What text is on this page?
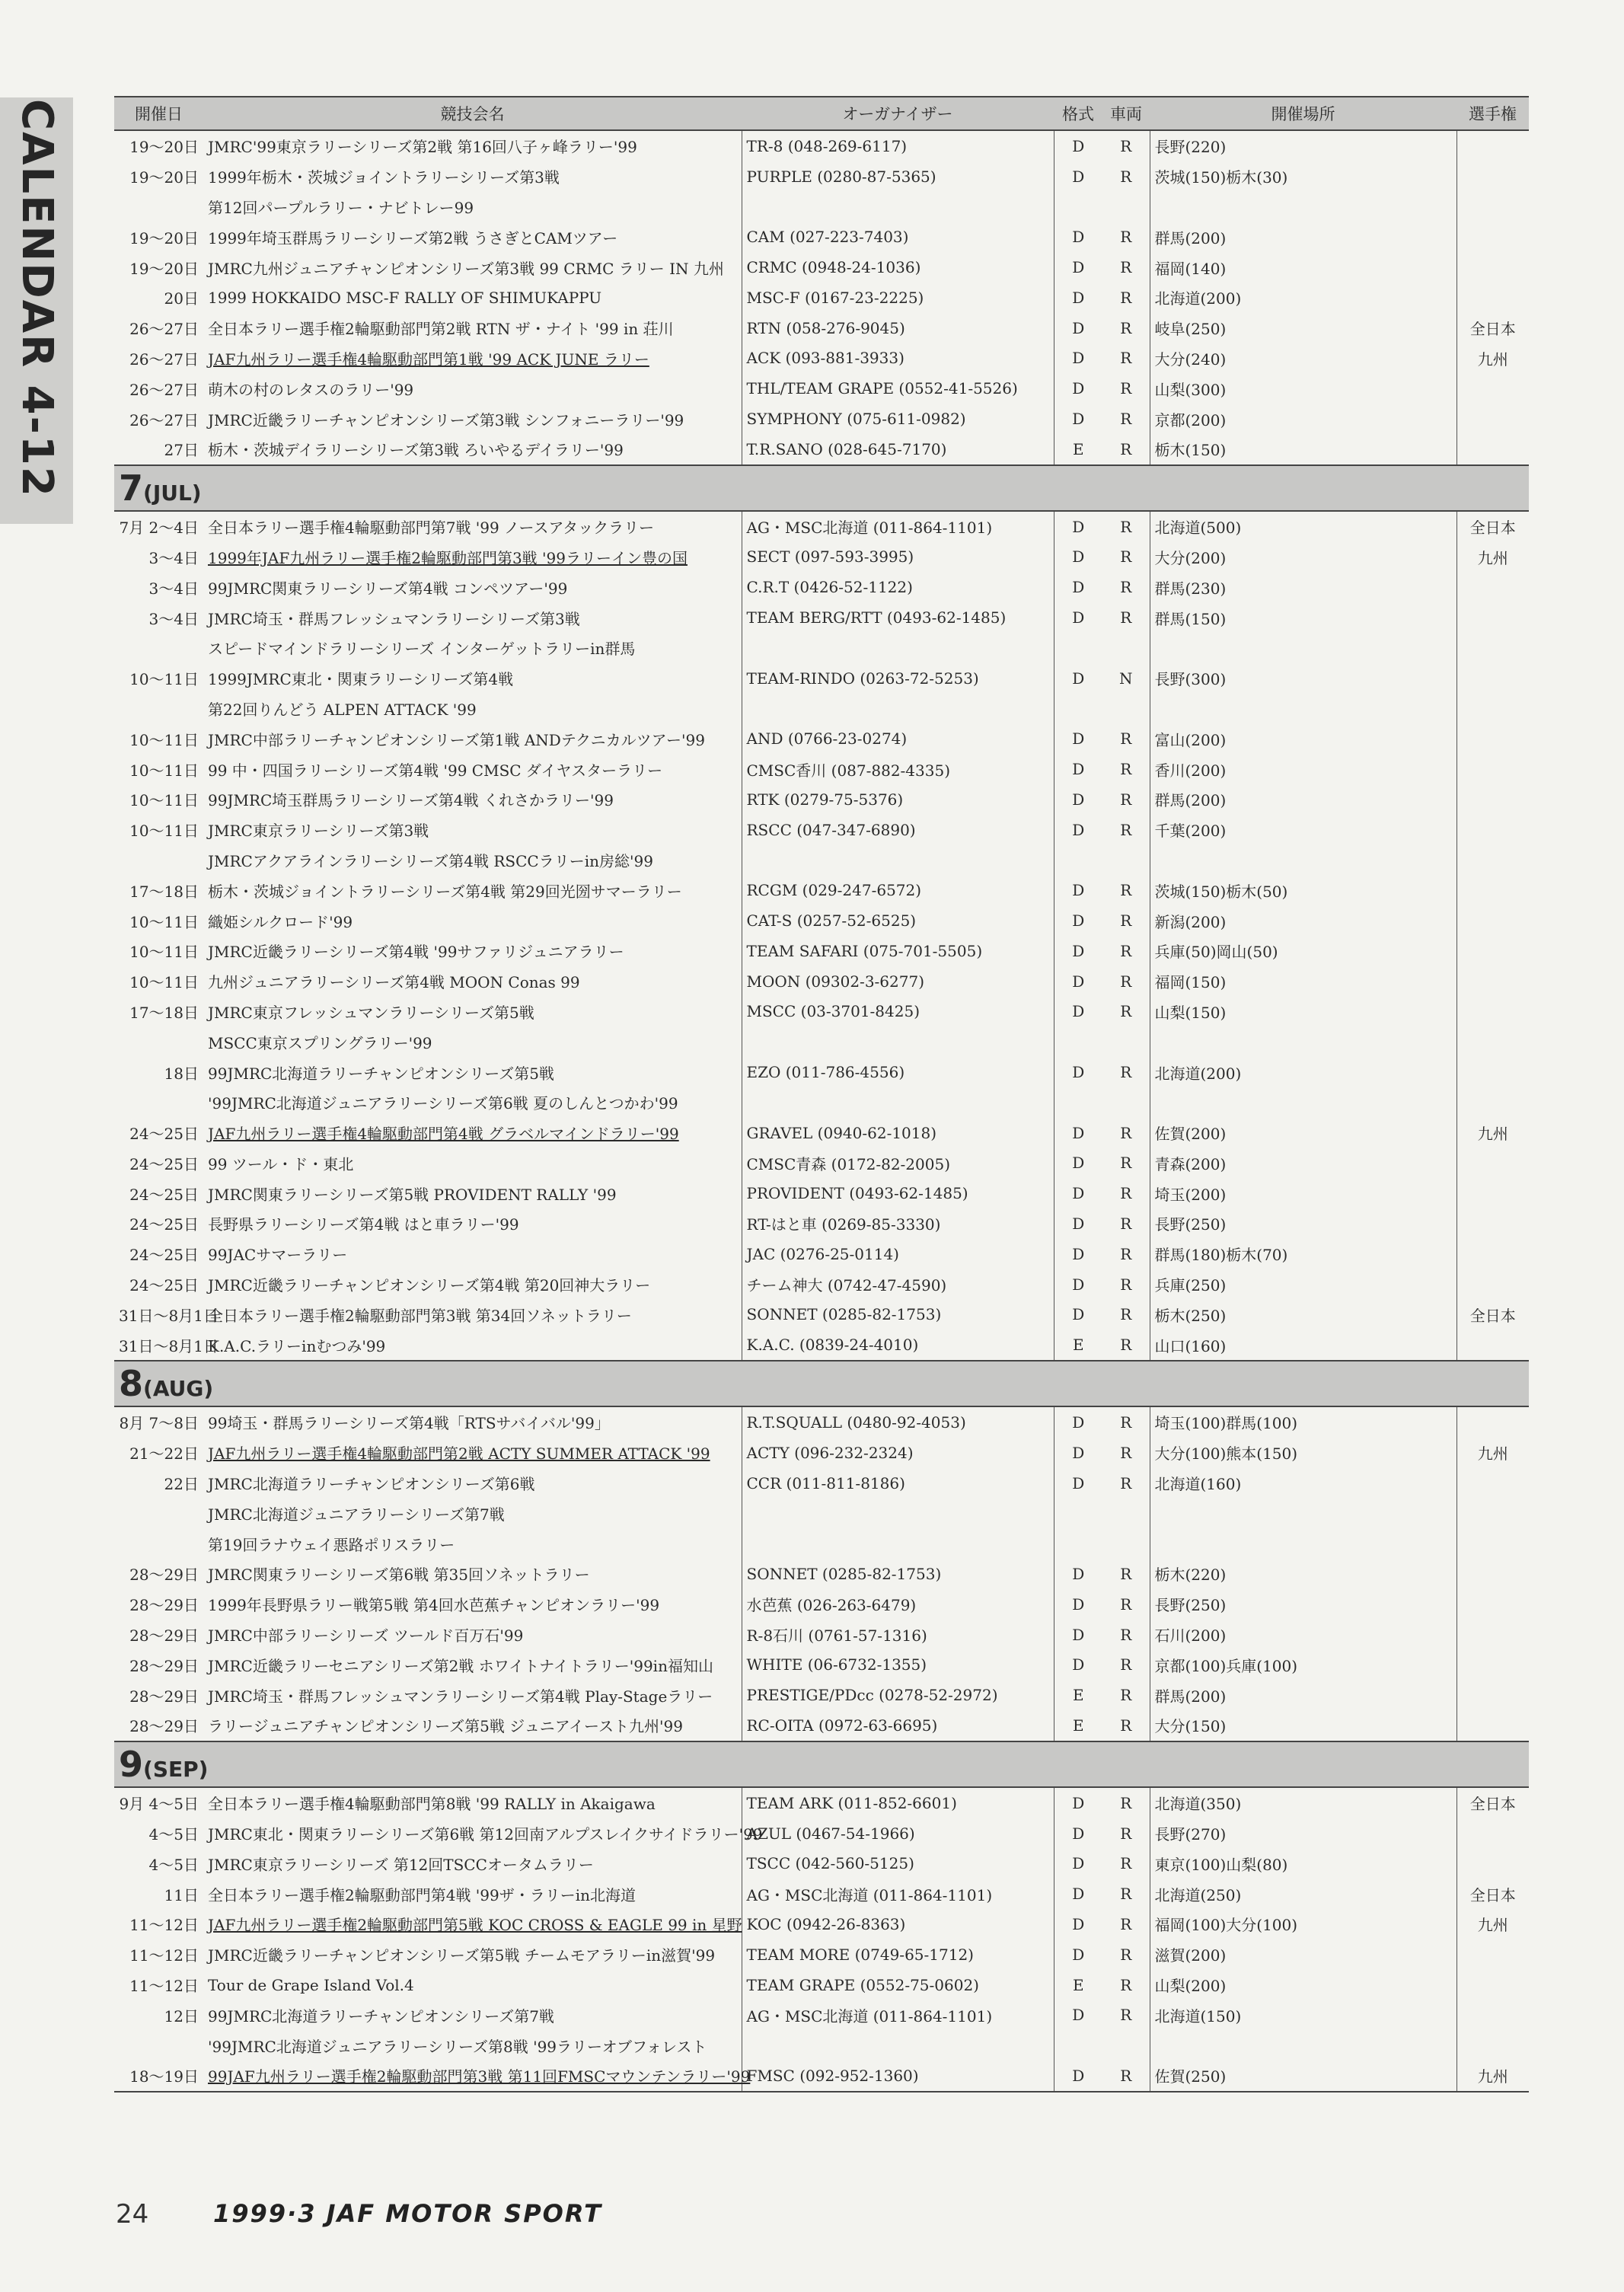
CALENDAR 4-12	開催日	競技会名	オーガナイザー	格式	車両	開催場所	選手権
19～20日	JMRC'99東京ラリーシリーズ第2戦 第16回八子ヶ峰ラリー'99	TR-8 (048-269-6117)	D	R	長野(220)	
19～20日	1999年栃木・茨城ジョイントラリーシリーズ第3戦	PURPLE (0280-87-5365)	D	R	茨城(150)栃木(30)	
	第12回パープルラリー・ナビトレー99					
19～20日	1999年埼玉群馬ラリーシリーズ第2戦 うさぎとCAMツアー	CAM (027-223-7403)	D	R	群馬(200)	
19～20日	JMRC九州ジュニアチャンピオンシリーズ第3戦 99 CRMC ラリー IN 九州	CRMC (0948-24-1036)	D	R	福岡(140)	
20日	1999 HOKKAIDO MSC-F RALLY OF SHIMUKAPPU	MSC-F (0167-23-2225)	D	R	北海道(200)	
26～27日	全日本ラリー選手権2輪駆動部門第2戦 RTN ザ・ナイト '99 in 荘川	RTN (058-276-9045)	D	R	岐阜(250)	全日本
26～27日	JAF九州ラリー選手権4輪駆動部門第1戦 '99 ACK JUNE ラリー	ACK (093-881-3933)	D	R	大分(240)	九州
26～27日	萌木の村のレタスのラリー'99	THL/TEAM GRAPE (0552-41-5526)	D	R	山梨(300)	
26～27日	JMRC近畿ラリーチャンピオンシリーズ第3戦 シンフォニーラリー'99	SYMPHONY (075-611-0982)	D	R	京都(200)	
27日	栃木・茨城デイラリーシリーズ第3戦 ろいやるデイラリー'99	T.R.SANO (028-645-7170)	E	R	栃木(150)	
7(JUL)						
7月 2～4日	全日本ラリー選手権4輪駆動部門第7戦 '99 ノースアタックラリー	AG・MSC北海道 (011-864-1101)	D	R	北海道(500)	全日本
3～4日	1999年JAF九州ラリー選手権2輪駆動部門第3戦 '99ラリーイン豊の国	SECT (097-593-3995)	D	R	大分(200)	九州
3～4日	99JMRC関東ラリーシリーズ第4戦 コンペツアー'99	C.R.T (0426-52-1122)	D	R	群馬(230)	
3～4日	JMRC埼玉・群馬フレッシュマンラリーシリーズ第3戦	TEAM BERG/RTT (0493-62-1485)	D	R	群馬(150)	
	スピードマインドラリーシリーズ インターゲットラリーin群馬					
10～11日	1999JMRC東北・関東ラリーシリーズ第4戦	TEAM-RINDO (0263-72-5253)	D	N	長野(300)	
	第22回りんどう ALPEN ATTACK '99					
10～11日	JMRC中部ラリーチャンピオンシリーズ第1戦 ANDテクニカルツアー'99	AND (0766-23-0274)	D	R	富山(200)	
10～11日	99 中・四国ラリーシリーズ第4戦 '99 CMSC ダイヤスターラリー	CMSC香川 (087-882-4335)	D	R	香川(200)	
10～11日	99JMRC埼玉群馬ラリーシリーズ第4戦 くれさかラリー'99	RTK (0279-75-5376)	D	R	群馬(200)	
10～11日	JMRC東京ラリーシリーズ第3戦	RSCC (047-347-6890)	D	R	千葉(200)	
	JMRCアクアラインラリーシリーズ第4戦 RSCCラリーin房総'99					
17～18日	栃木・茨城ジョイントラリーシリーズ第4戦 第29回光圀サマーラリー	RCGM (029-247-6572)	D	R	茨城(150)栃木(50)	
10～11日	織姫シルクロード'99	CAT-S (0257-52-6525)	D	R	新潟(200)	
10～11日	JMRC近畿ラリーシリーズ第4戦 '99サファリジュニアラリー	TEAM SAFARI (075-701-5505)	D	R	兵庫(50)岡山(50)	
10～11日	九州ジュニアラリーシリーズ第4戦 MOON Conas 99	MOON (09302-3-6277)	D	R	福岡(150)	
17～18日	JMRC東京フレッシュマンラリーシリーズ第5戦	MSCC (03-3701-8425)	D	R	山梨(150)	
	MSCC東京スプリングラリー'99					
18日	99JMRC北海道ラリーチャンピオンシリーズ第5戦	EZO (011-786-4556)	D	R	北海道(200)	
	'99JMRC北海道ジュニアラリーシリーズ第6戦 夏のしんとつかわ'99					
24～25日	JAF九州ラリー選手権4輪駆動部門第4戦 グラベルマインドラリー'99	GRAVEL (0940-62-1018)	D	R	佐賀(200)	九州
24～25日	99 ツール・ド・東北	CMSC青森 (0172-82-2005)	D	R	青森(200)	
24～25日	JMRC関東ラリーシリーズ第5戦 PROVIDENT RALLY '99	PROVIDENT (0493-62-1485)	D	R	埼玉(200)	
24～25日	長野県ラリーシリーズ第4戦 はと車ラリー'99	RT-はと車 (0269-85-3330)	D	R	長野(250)	
24～25日	99JACサマーラリー	JAC (0276-25-0114)	D	R	群馬(180)栃木(70)	
24～25日	JMRC近畿ラリーチャンピオンシリーズ第4戦 第20回神大ラリー	チーム神大 (0742-47-4590)	D	R	兵庫(250)	
31日～8月1日	全日本ラリー選手権2輪駆動部門第3戦 第34回ソネットラリー	SONNET (0285-82-1753)	D	R	栃木(250)	全日本
31日～8月1日	K.A.C.ラリーinむつみ'99	K.A.C. (0839-24-4010)	E	R	山口(160)	
8(AUG)						
8月 7～8日	99埼玉・群馬ラリーシリーズ第4戦「RTSサバイバル'99」	R.T.SQUALL (0480-92-4053)	D	R	埼玉(100)群馬(100)	
21～22日	JAF九州ラリー選手権4輪駆動部門第2戦 ACTY SUMMER ATTACK '99	ACTY (096-232-2324)	D	R	大分(100)熊本(150)	九州
22日	JMRC北海道ラリーチャンピオンシリーズ第6戦	CCR (011-811-8186)	D	R	北海道(160)	
	JMRC北海道ジュニアラリーシリーズ第7戦					
	第19回ラナウェイ悪路ポリスラリー					
28～29日	JMRC関東ラリーシリーズ第6戦 第35回ソネットラリー	SONNET (0285-82-1753)	D	R	栃木(220)	
28～29日	1999年長野県ラリー戦第5戦 第4回水芭蕉チャンピオンラリー'99	水芭蕉 (026-263-6479)	D	R	長野(250)	
28～29日	JMRC中部ラリーシリーズ ツールド百万石'99	R-8石川 (0761-57-1316)	D	R	石川(200)	
28～29日	JMRC近畿ラリーセニアシリーズ第2戦 ホワイトナイトラリー'99in福知山	WHITE (06-6732-1355)	D	R	京都(100)兵庫(100)	
28～29日	JMRC埼玉・群馬フレッシュマンラリーシリーズ第4戦 Play-Stageラリー	PRESTIGE/PDcc (0278-52-2972)	E	R	群馬(200)	
28～29日	ラリージュニアチャンピオンシリーズ第5戦 ジュニアイースト九州'99	RC-OITA (0972-63-6695)	E	R	大分(150)	
9(SEP)						
9月 4～5日	全日本ラリー選手権4輪駆動部門第8戦 '99 RALLY in Akaigawa	TEAM ARK (011-852-6601)	D	R	北海道(350)	全日本
4～5日	JMRC東北・関東ラリーシリーズ第6戦 第12回南アルプスレイクサイドラリー'99	AZUL (0467-54-1966)	D	R	長野(270)	
4～5日	JMRC東京ラリーシリーズ 第12回TSCCオータムラリー	TSCC (042-560-5125)	D	R	東京(100)山梨(80)	
11日	全日本ラリー選手権2輪駆動部門第4戦 '99ザ・ラリーin北海道	AG・MSC北海道 (011-864-1101)	D	R	北海道(250)	全日本
11～12日	JAF九州ラリー選手権2輪駆動部門第5戦 KOC CROSS & EAGLE 99 in 星野	KOC (0942-26-8363)	D	R	福岡(100)大分(100)	九州
11～12日	JMRC近畿ラリーチャンピオンシリーズ第5戦 チームモアラリーin滋賀'99	TEAM MORE (0749-65-1712)	D	R	滋賀(200)	
11～12日	Tour de Grape Island Vol.4	TEAM GRAPE (0552-75-0602)	E	R	山梨(200)	
12日	99JMRC北海道ラリーチャンピオンシリーズ第7戦	AG・MSC北海道 (011-864-1101)	D	R	北海道(150)	
	'99JMRC北海道ジュニアラリーシリーズ第8戦 '99ラリーオブフォレスト					
18～19日	99JAF九州ラリー選手権2輪駆動部門第3戦 第11回FMSCマウンテンラリー'99	FMSC (092-952-1360)	D	R	佐賀(250)	九州
24	1999·3 JAF MOTOR SPORT
